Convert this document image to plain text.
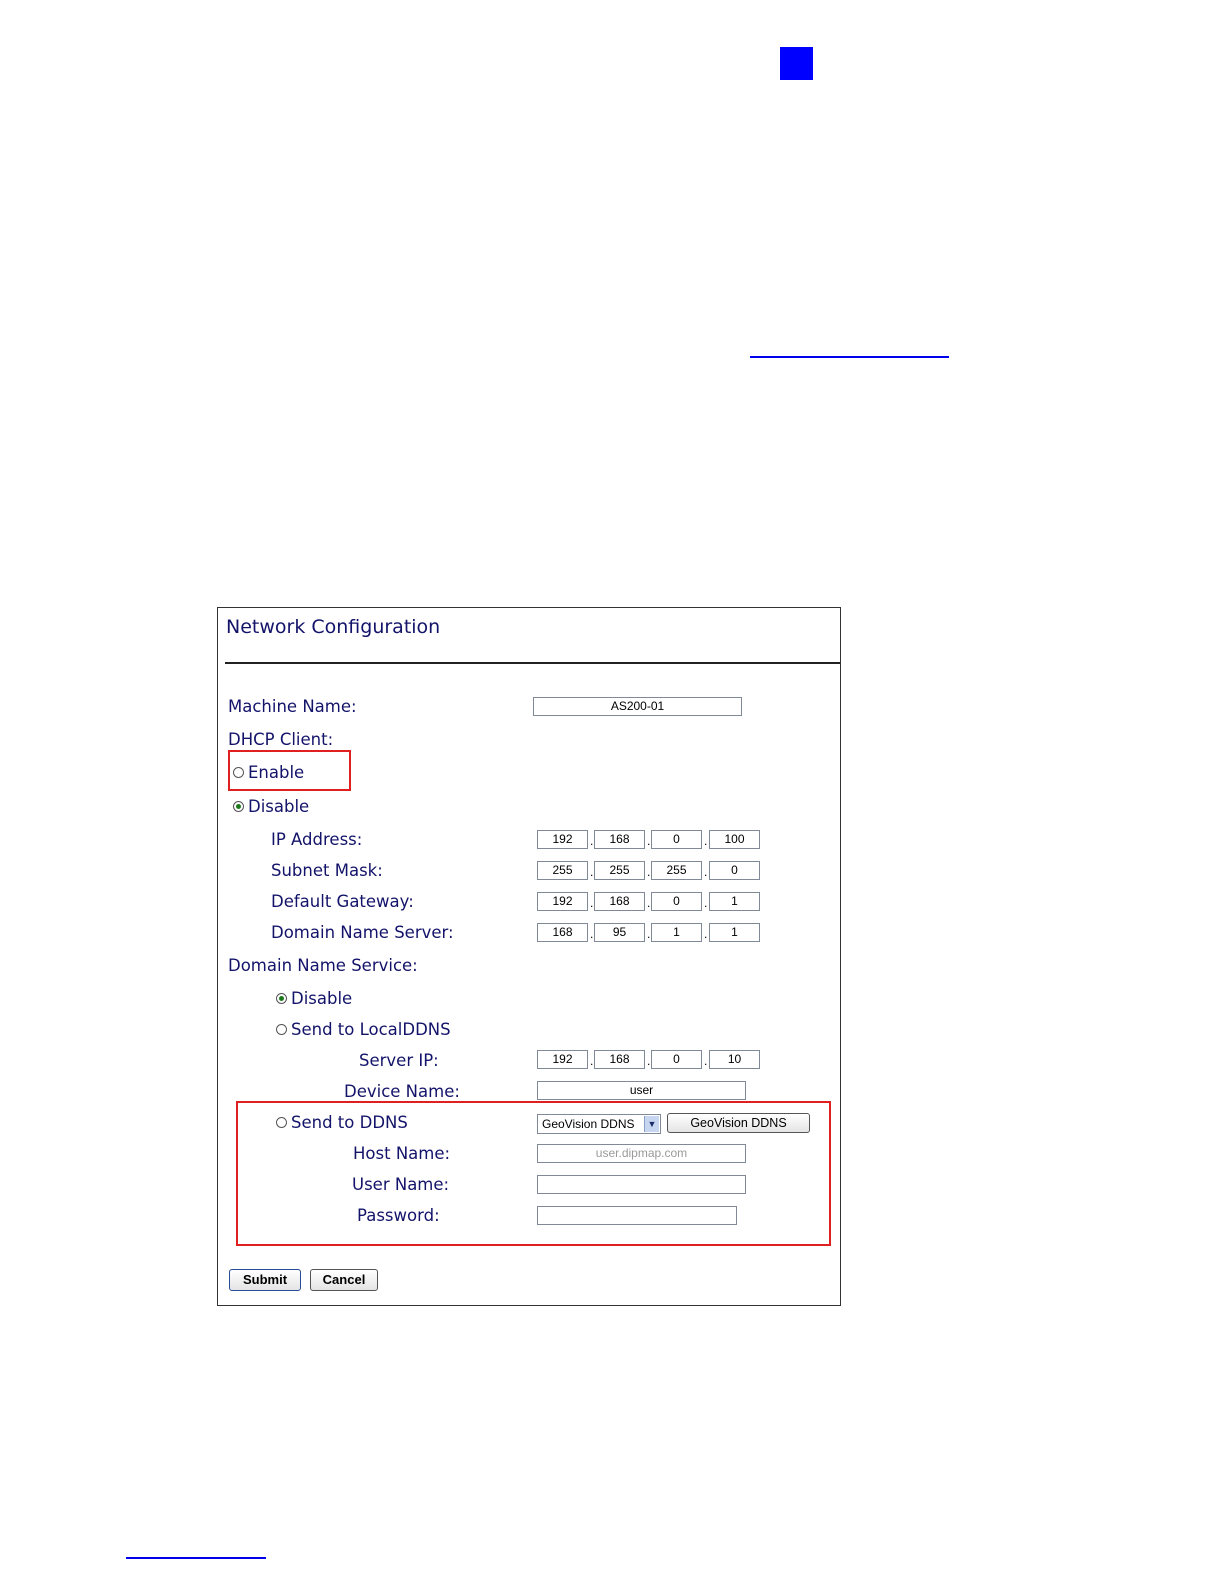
Network Configuration
Machine Name:	AS200-01
DHCP Client:
Enable
Disable
IP Address:	192	.	168	.	0	.	100
Subnet Mask:	255	.	255	.	255	.	0
Default Gateway:	192	.	168	.	0	.	1
Domain Name Server:	168	.	95	.	1	.	1
Domain Name Service:
Disable
Send to LocalDDNS
Server IP:	192	.	168	.	0	.	10
Device Name:	user
Send to DDNS	GeoVision DDNS	▼	GeoVision DDNS
Host Name:	user.dipmap.com
User Name:
Password:
Submit	Cancel
